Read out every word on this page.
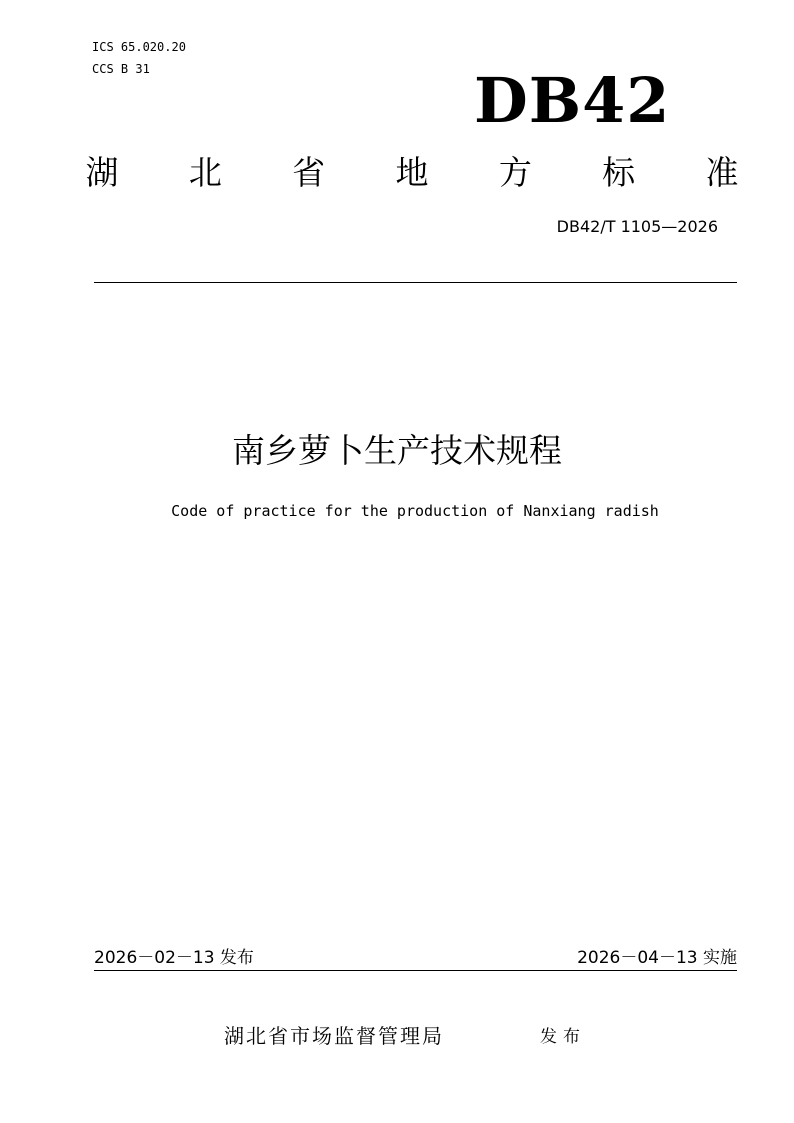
ICS 65.020.20
CCS B 31	DB42
湖 北 省 地 方 标 准
DB42/T 1105—2026
南乡萝卜生产技术规程
Code of practice for the production of Nanxiang radish
2026－02－13 发布	2026－04－13 实施
湖北省市场监督管理局	发布
